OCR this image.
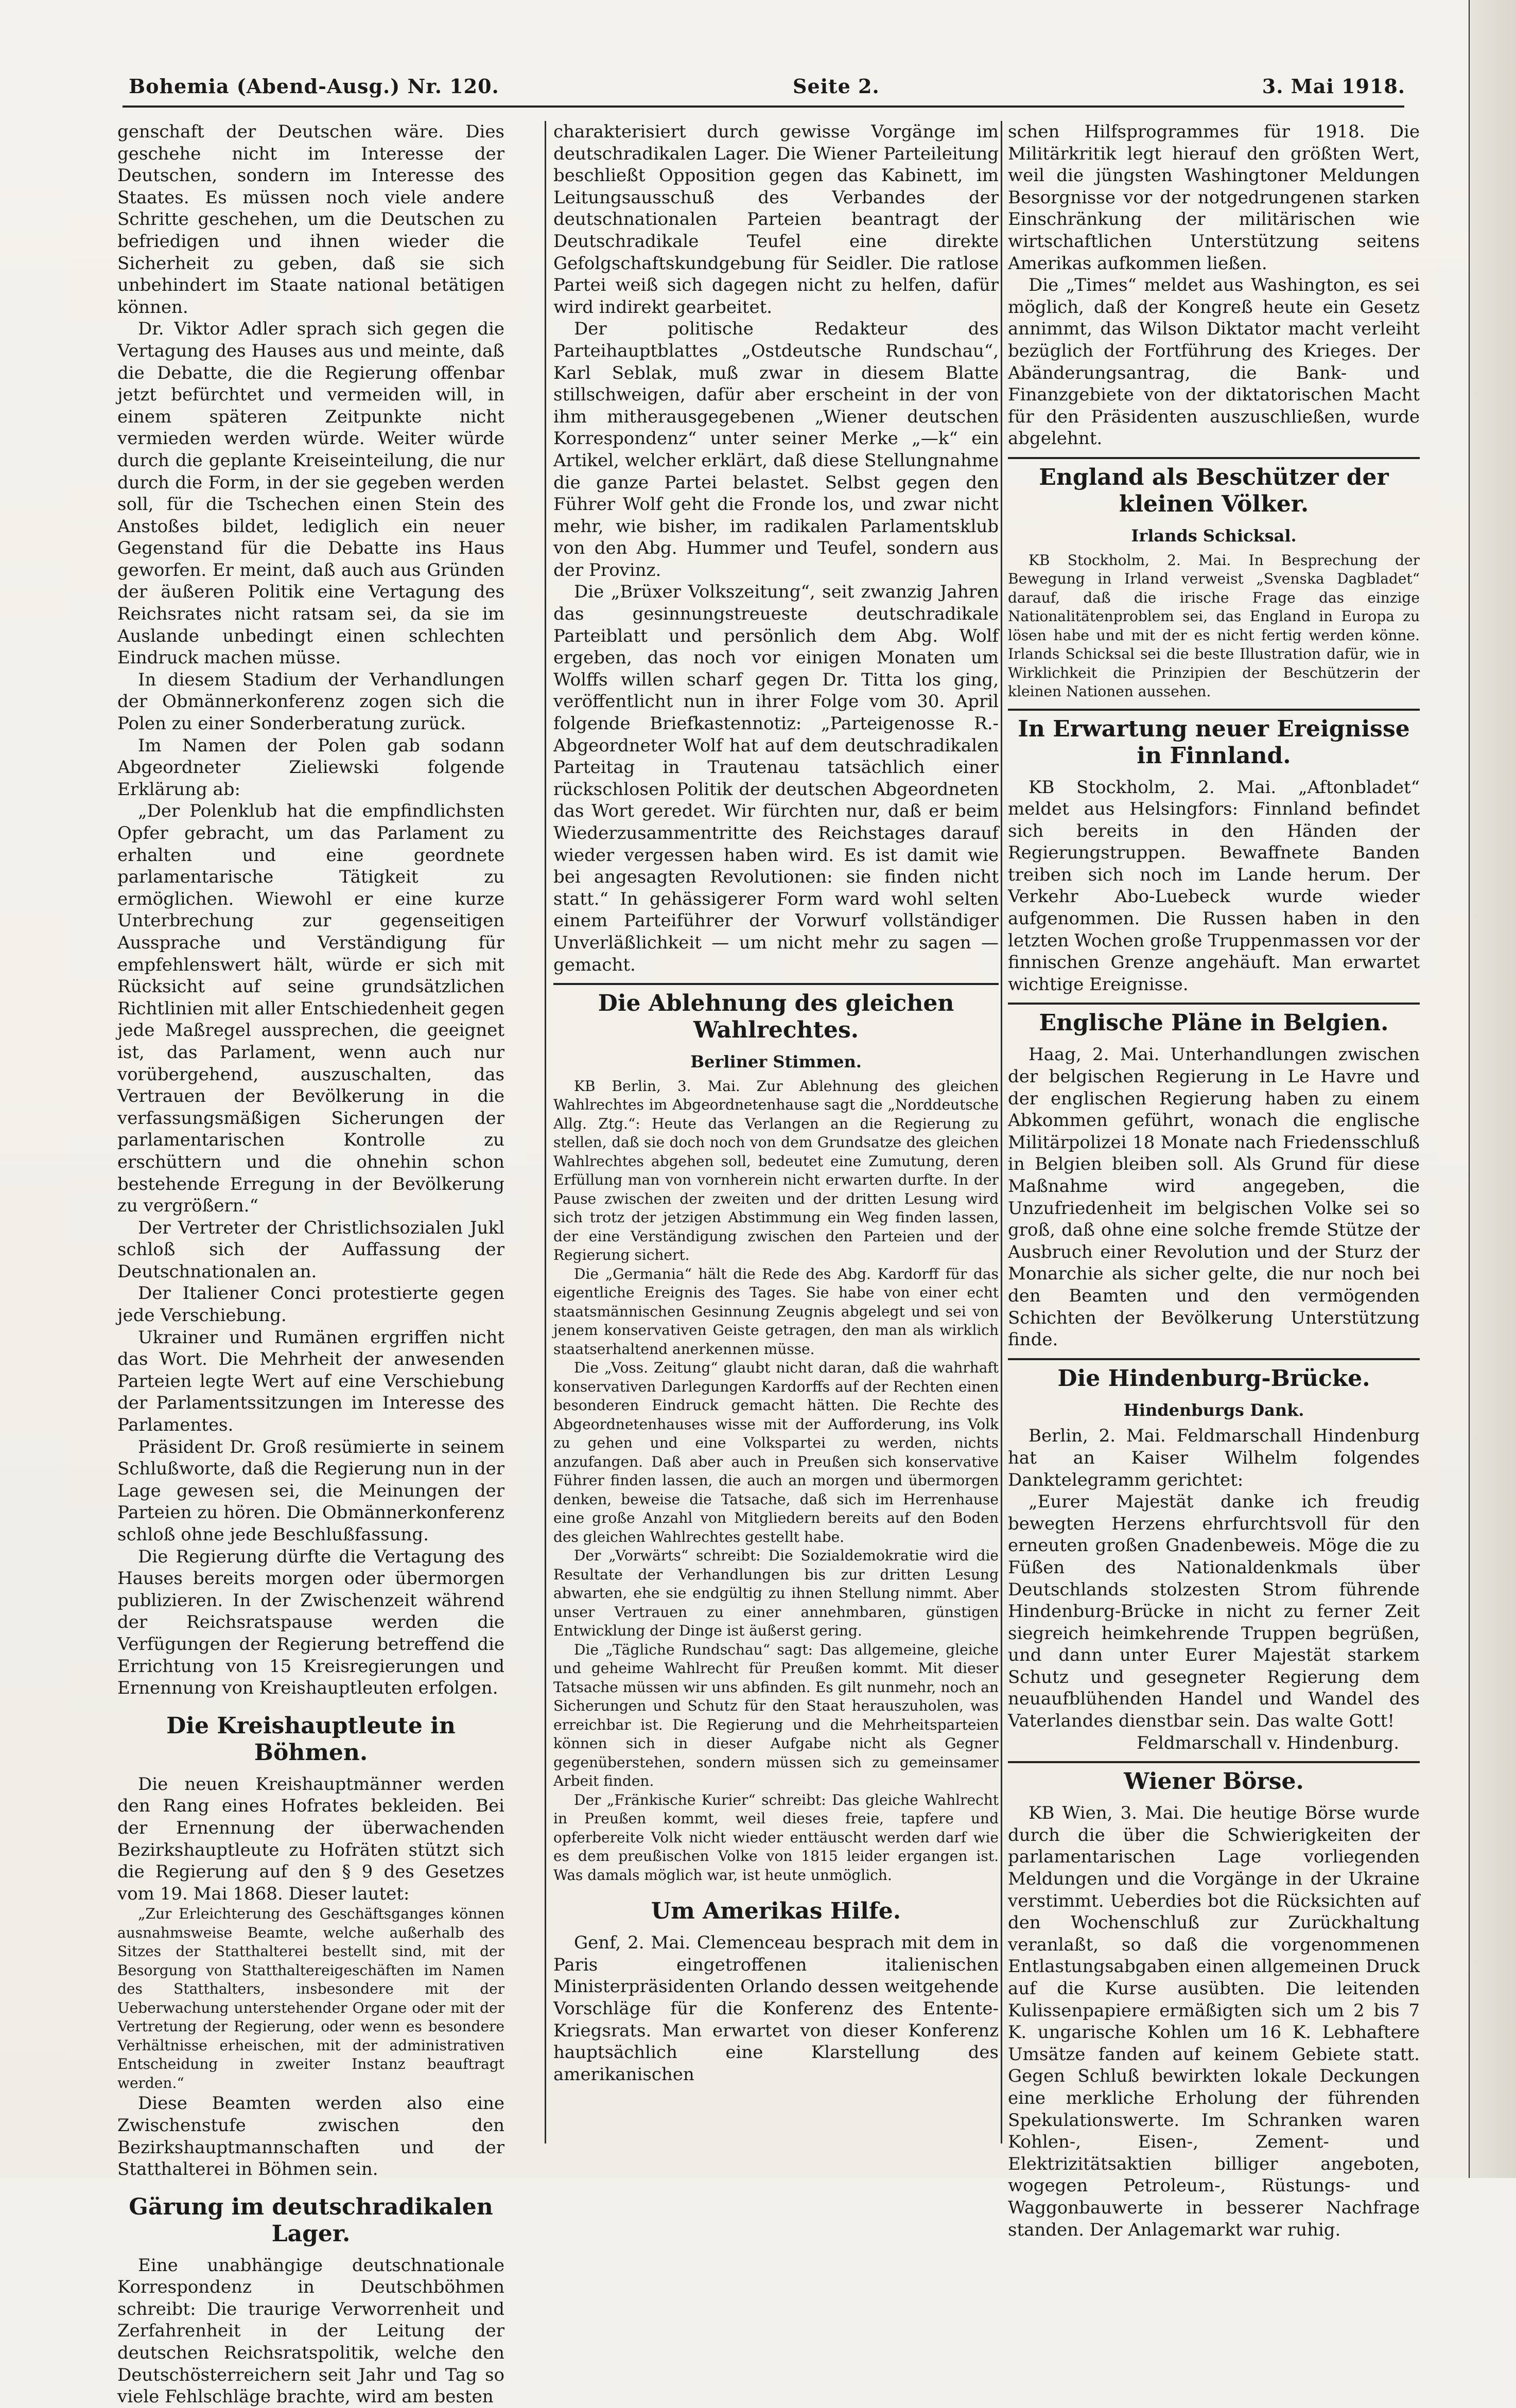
Bohemia (Abend-Ausg.) Nr. 120.	Seite 2.	3. Mai 1918.

genschaft der Deutschen wäre. Dies geschehe nicht im Interesse der Deutschen, sondern im Interesse des Staates. Es müssen noch viele andere Schritte geschehen, um die Deutschen zu befriedigen und ihnen wieder die Sicherheit zu geben, daß sie sich unbehindert im Staate national betätigen können.

Dr. Viktor Adler sprach sich gegen die Vertagung des Hauses aus und meinte, daß die Debatte, die die Regierung offenbar jetzt befürchtet und vermeiden will, in einem späteren Zeitpunkte nicht vermieden werden würde. Weiter würde durch die geplante Kreiseinteilung, die nur durch die Form, in der sie gegeben werden soll, für die Tschechen einen Stein des Anstoßes bildet, lediglich ein neuer Gegenstand für die Debatte ins Haus geworfen. Er meint, daß auch aus Gründen der äußeren Politik eine Vertagung des Reichsrates nicht ratsam sei, da sie im Auslande unbedingt einen schlechten Eindruck machen müsse.

In diesem Stadium der Verhandlungen der Obmännerkonferenz zogen sich die Polen zu einer Sonderberatung zurück.

Im Namen der Polen gab sodann Abgeordneter Zieliewski folgende Erklärung ab:

„Der Polenklub hat die empfindlichsten Opfer gebracht, um das Parlament zu erhalten und eine geordnete parlamentarische Tätigkeit zu ermöglichen. Wiewohl er eine kurze Unterbrechung zur gegenseitigen Aussprache und Verständigung für empfehlenswert hält, würde er sich mit Rücksicht auf seine grundsätzlichen Richtlinien mit aller Entschiedenheit gegen jede Maßregel aussprechen, die geeignet ist, das Parlament, wenn auch nur vorübergehend, auszuschalten, das Vertrauen der Bevölkerung in die verfassungsmäßigen Sicherungen der parlamentarischen Kontrolle zu erschüttern und die ohnehin schon bestehende Erregung in der Bevölkerung zu vergrößern.“

Der Vertreter der Christlichsozialen Jukl schloß sich der Auffassung der Deutschnationalen an.

Der Italiener Conci protestierte gegen jede Verschiebung.

Ukrainer und Rumänen ergriffen nicht das Wort. Die Mehrheit der anwesenden Parteien legte Wert auf eine Verschiebung der Parlamentssitzungen im Interesse des Parlamentes.

Präsident Dr. Groß resümierte in seinem Schlußworte, daß die Regierung nun in der Lage gewesen sei, die Meinungen der Parteien zu hören. Die Obmännerkonferenz schloß ohne jede Beschlußfassung.

Die Regierung dürfte die Vertagung des Hauses bereits morgen oder übermorgen publizieren. In der Zwischenzeit während der Reichsratspause werden die Verfügungen der Regierung betreffend die Errichtung von 15 Kreisregierungen und Ernennung von Kreishauptleuten erfolgen.

Die Kreishauptleute in Böhmen.

Die neuen Kreishauptmänner werden den Rang eines Hofrates bekleiden. Bei der Ernennung der überwachenden Bezirkshauptleute zu Hofräten stützt sich die Regierung auf den § 9 des Gesetzes vom 19. Mai 1868. Dieser lautet:

„Zur Erleichterung des Geschäftsganges können ausnahmsweise Beamte, welche außerhalb des Sitzes der Statthalterei bestellt sind, mit der Besorgung von Statthaltereigeschäften im Namen des Statthalters, insbesondere mit der Ueberwachung unterstehender Organe oder mit der Vertretung der Regierung, oder wenn es besondere Verhältnisse erheischen, mit der administrativen Entscheidung in zweiter Instanz beauftragt werden.“

Diese Beamten werden also eine Zwischenstufe zwischen den Bezirkshauptmannschaften und der Statthalterei in Böhmen sein.

Gärung im deutschradikalen Lager.

Eine unabhängige deutschnationale Korrespondenz in Deutschböhmen schreibt: Die traurige Verworrenheit und Zerfahrenheit in der Leitung der deutschen Reichsratspolitik, welche den Deutschösterreichern seit Jahr und Tag so viele Fehlschläge brachte, wird am besten

charakterisiert durch gewisse Vorgänge im deutschradikalen Lager. Die Wiener Parteileitung beschließt Opposition gegen das Kabinett, im Leitungsausschuß des Verbandes der deutschnationalen Parteien beantragt der Deutschradikale Teufel eine direkte Gefolgschaftskundgebung für Seidler. Die ratlose Partei weiß sich dagegen nicht zu helfen, dafür wird indirekt gearbeitet.

Der politische Redakteur des Parteihauptblattes „Ostdeutsche Rundschau“, Karl Seblak, muß zwar in diesem Blatte stillschweigen, dafür aber erscheint in der von ihm mitherausgegebenen „Wiener deutschen Korrespondenz“ unter seiner Merke „—k“ ein Artikel, welcher erklärt, daß diese Stellungnahme die ganze Partei belastet. Selbst gegen den Führer Wolf geht die Fronde los, und zwar nicht mehr, wie bisher, im radikalen Parlamentsklub von den Abg. Hummer und Teufel, sondern aus der Provinz.

Die „Brüxer Volkszeitung“, seit zwanzig Jahren das gesinnungstreueste deutschradikale Parteiblatt und persönlich dem Abg. Wolf ergeben, das noch vor einigen Monaten um Wolffs willen scharf gegen Dr. Titta los ging, veröffentlicht nun in ihrer Folge vom 30. April folgende Briefkastennotiz: „Parteigenosse R.-Abgeordneter Wolf hat auf dem deutschradikalen Parteitag in Trautenau tatsächlich einer rückschlosen Politik der deutschen Abgeordneten das Wort geredet. Wir fürchten nur, daß er beim Wiederzusammentritte des Reichstages darauf wieder vergessen haben wird. Es ist damit wie bei angesagten Revolutionen: sie finden nicht statt.“ In gehässigerer Form ward wohl selten einem Parteiführer der Vorwurf vollständiger Unverläßlichkeit — um nicht mehr zu sagen — gemacht.

Die Ablehnung des gleichen Wahlrechtes.
Berliner Stimmen.

KB Berlin, 3. Mai. Zur Ablehnung des gleichen Wahlrechtes im Abgeordnetenhause sagt die „Norddeutsche Allg. Ztg.“: Heute das Verlangen an die Regierung zu stellen, daß sie doch noch von dem Grundsatze des gleichen Wahlrechtes abgehen soll, bedeutet eine Zumutung, deren Erfüllung man von vornherein nicht erwarten durfte. In der Pause zwischen der zweiten und der dritten Lesung wird sich trotz der jetzigen Abstimmung ein Weg finden lassen, der eine Verständigung zwischen den Parteien und der Regierung sichert.

Die „Germania“ hält die Rede des Abg. Kardorff für das eigentliche Ereignis des Tages. Sie habe von einer echt staatsmännischen Gesinnung Zeugnis abgelegt und sei von jenem konservativen Geiste getragen, den man als wirklich staatserhaltend anerkennen müsse.

Die „Voss. Zeitung“ glaubt nicht daran, daß die wahrhaft konservativen Darlegungen Kardorffs auf der Rechten einen besonderen Eindruck gemacht hätten. Die Rechte des Abgeordnetenhauses wisse mit der Aufforderung, ins Volk zu gehen und eine Volkspartei zu werden, nichts anzufangen. Daß aber auch in Preußen sich konservative Führer finden lassen, die auch an morgen und übermorgen denken, beweise die Tatsache, daß sich im Herrenhause eine große Anzahl von Mitgliedern bereits auf den Boden des gleichen Wahlrechtes gestellt habe.

Der „Vorwärts“ schreibt: Die Sozialdemokratie wird die Resultate der Verhandlungen bis zur dritten Lesung abwarten, ehe sie endgültig zu ihnen Stellung nimmt. Aber unser Vertrauen zu einer annehmbaren, günstigen Entwicklung der Dinge ist äußerst gering.

Die „Tägliche Rundschau“ sagt: Das allgemeine, gleiche und geheime Wahlrecht für Preußen kommt. Mit dieser Tatsache müssen wir uns abfinden. Es gilt nunmehr, noch an Sicherungen und Schutz für den Staat herauszuholen, was erreichbar ist. Die Regierung und die Mehrheitsparteien können sich in dieser Aufgabe nicht als Gegner gegenüberstehen, sondern müssen sich zu gemeinsamer Arbeit finden.

Der „Fränkische Kurier“ schreibt: Das gleiche Wahlrecht in Preußen kommt, weil dieses freie, tapfere und opferbereite Volk nicht wieder enttäuscht werden darf wie es dem preußischen Volke von 1815 leider ergangen ist. Was damals möglich war, ist heute unmöglich.

Um Amerikas Hilfe.

Genf, 2. Mai. Clemenceau besprach mit dem in Paris eingetroffenen italienischen Ministerpräsidenten Orlando dessen weitgehende Vorschläge für die Konferenz des Entente-Kriegsrats. Man erwartet von dieser Konferenz hauptsächlich eine Klarstellung des amerikanischen

schen Hilfsprogrammes für 1918. Die Militärkritik legt hierauf den größten Wert, weil die jüngsten Washingtoner Meldungen Besorgnisse vor der notgedrungenen starken Einschränkung der militärischen wie wirtschaftlichen Unterstützung seitens Amerikas aufkommen ließen.

Die „Times“ meldet aus Washington, es sei möglich, daß der Kongreß heute ein Gesetz annimmt, das Wilson Diktator macht verleiht bezüglich der Fortführung des Krieges. Der Abänderungsantrag, die Bank- und Finanzgebiete von der diktatorischen Macht für den Präsidenten auszuschließen, wurde abgelehnt.

England als Beschützer der kleinen Völker.
Irlands Schicksal.

KB Stockholm, 2. Mai. In Besprechung der Bewegung in Irland verweist „Svenska Dagbladet“ darauf, daß die irische Frage das einzige Nationalitätenproblem sei, das England in Europa zu lösen habe und mit der es nicht fertig werden könne. Irlands Schicksal sei die beste Illustration dafür, wie in Wirklichkeit die Prinzipien der Beschützerin der kleinen Nationen aussehen.

In Erwartung neuer Ereignisse in Finnland.

KB Stockholm, 2. Mai. „Aftonbladet“ meldet aus Helsingfors: Finnland befindet sich bereits in den Händen der Regierungstruppen. Bewaffnete Banden treiben sich noch im Lande herum. Der Verkehr Abo-Luebeck wurde wieder aufgenommen. Die Russen haben in den letzten Wochen große Truppenmassen vor der finnischen Grenze angehäuft. Man erwartet wichtige Ereignisse.

Englische Pläne in Belgien.

Haag, 2. Mai. Unterhandlungen zwischen der belgischen Regierung in Le Havre und der englischen Regierung haben zu einem Abkommen geführt, wonach die englische Militärpolizei 18 Monate nach Friedensschluß in Belgien bleiben soll. Als Grund für diese Maßnahme wird angegeben, die Unzufriedenheit im belgischen Volke sei so groß, daß ohne eine solche fremde Stütze der Ausbruch einer Revolution und der Sturz der Monarchie als sicher gelte, die nur noch bei den Beamten und den vermögenden Schichten der Bevölkerung Unterstützung finde.

Die Hindenburg-Brücke.
Hindenburgs Dank.

Berlin, 2. Mai. Feldmarschall Hindenburg hat an Kaiser Wilhelm folgendes Danktelegramm gerichtet:

„Eurer Majestät danke ich freudig bewegten Herzens ehrfurchtsvoll für den erneuten großen Gnadenbeweis. Möge die zu Füßen des Nationaldenkmals über Deutschlands stolzesten Strom führende Hindenburg-Brücke in nicht zu ferner Zeit siegreich heimkehrende Truppen begrüßen, und dann unter Eurer Majestät starkem Schutz und gesegneter Regierung dem neuaufblühenden Handel und Wandel des Vaterlandes dienstbar sein. Das walte Gott!

Feldmarschall v. Hindenburg.

Wiener Börse.

KB Wien, 3. Mai. Die heutige Börse wurde durch die über die Schwierigkeiten der parlamentarischen Lage vorliegenden Meldungen und die Vorgänge in der Ukraine verstimmt. Ueberdies bot die Rücksichten auf den Wochenschluß zur Zurückhaltung veranlaßt, so daß die vorgenommenen Entlastungsabgaben einen allgemeinen Druck auf die Kurse ausübten. Die leitenden Kulissenpapiere ermäßigten sich um 2 bis 7 K. ungarische Kohlen um 16 K. Lebhaftere Umsätze fanden auf keinem Gebiete statt. Gegen Schluß bewirkten lokale Deckungen eine merkliche Erholung der führenden Spekulationswerte. Im Schranken waren Kohlen-, Eisen-, Zement- und Elektrizitätsaktien billiger angeboten, wogegen Petroleum-, Rüstungs- und Waggonbauwerte in besserer Nachfrage standen. Der Anlagemarkt war ruhig.
